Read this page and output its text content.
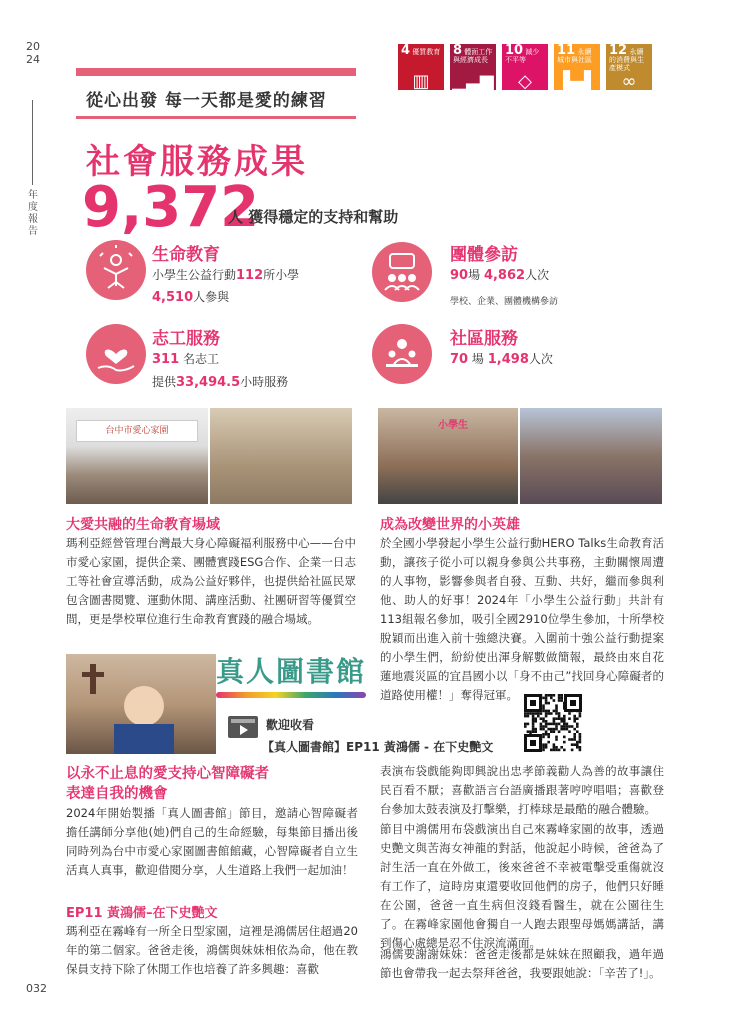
2024
年度報告
032
4 優質教育
▥
8 體面工作與經濟成長
▁▃▆
10 減少不平等
◇
11 永續城市與社區
▙▟
12 永續的消費與生產模式
∞
從心出發 每一天都是愛的練習
社會服務成果
9,372
人 獲得穩定的支持和幫助
生命教育
小學生公益行動112所小學
4,510人參與
團體參訪
90場 4,862人次
學校、企業、團體機構參訪
志工服務
311 名志工
提供33,494.5小時服務
社區服務
70 場 1,498人次
台中市愛心家園	小學生
大愛共融的生命教育場域
瑪利亞經營管理台灣最大身心障礙福利服務中心——台中市愛心家園，提供企業、團體實踐ESG合作、企業一日志工等社會宣導活動，成為公益好夥伴，也提供給社區民眾包含圖書閱覽、運動休閒、講座活動、社團研習等優質空間，更是學校單位進行生命教育實踐的融合場域。
成為改變世界的小英雄
於全國小學發起小學生公益行動HERO Talks生命教育活動，讓孩子從小可以親身參與公共事務，主動關懷周遭的人事物，影響參與者自發、互動、共好，繼而參與利他、助人的好事！2024年「小學生公益行動」共計有113組報名參加，吸引全國2910位學生參加，十所學校脫穎而出進入前十強總決賽。入圍前十強公益行動提案的小學生們，紛紛使出渾身解數做簡報，最終由來自花蓮地震災區的宜昌國小以「身不由己”找回身心障礙者的道路使用權！」奪得冠軍。
真人圖書館
歡迎收看
【真人圖書館】EP11 黃鴻儒 - 在下史艷文
以永不止息的愛支持心智障礙者
表達自我的機會
2024年開始製播「真人圖書館」節目，邀請心智障礙者擔任講師分享他(她)們自己的生命經驗，每集節目播出後同時列為台中市愛心家園圖書館館藏，心智障礙者自立生活真人真事，歡迎借閱分享，人生道路上我們一起加油！
EP11 黃鴻儒–在下史艷文
瑪利亞在霧峰有一所全日型家園，這裡是鴻儒居住超過20年的第二個家。爸爸走後，鴻儒與妹妹相依為命，他在教保員支持下除了休閒工作也培養了許多興趣：喜歡
表演布袋戲能夠即興說出忠孝節義勸人為善的故事讓住民百看不厭；喜歡語言台語廣播跟著哼哼唱唱；喜歡登台參加太鼓表演及打擊樂，打棒球是最酷的融合體驗。
節目中鴻儒用布袋戲演出自己來霧峰家園的故事，透過史艷文與苦海女神龍的對話，他說起小時候，爸爸為了討生活一直在外做工，後來爸爸不幸被電擊受重傷就沒有工作了，這時房東還要收回他們的房子，他們只好睡在公園，爸爸一直生病但沒錢看醫生，就在公園往生了。在霧峰家園他會獨自一人跑去跟聖母媽媽講話，講到傷心處總是忍不住淚流滿面。
鴻儒要謝謝妹妹：爸爸走後都是妹妹在照顧我，過年過節也會帶我一起去祭拜爸爸，我要跟她說：「辛苦了!」。
